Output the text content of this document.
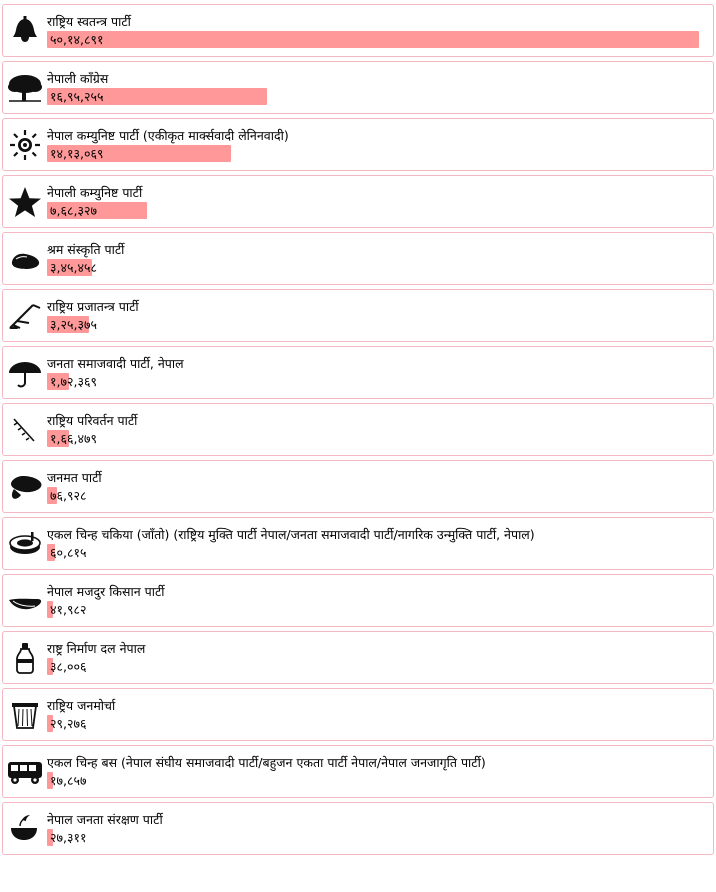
राष्ट्रिय स्वतन्त्र पार्टी
५०,१४,८९१
नेपाली काँग्रेस
१६,९५,२५५
नेपाल कम्युनिष्ट पार्टी (एकीकृत मार्क्सवादी लेनिनवादी)
१४,१३,०६९
नेपाली कम्युनिष्ट पार्टी
७,६८,३२७
श्रम संस्कृति पार्टी
३,४५,४५८
राष्ट्रिय प्रजातन्त्र पार्टी
३,२५,३७५
जनता समाजवादी पार्टी, नेपाल
१,७२,३६९
राष्ट्रिय परिवर्तन पार्टी
१,६६,४७९
जनमत पार्टी
७६,९२८
एकल चिन्ह चकिया (जाँतो) (राष्ट्रिय मुक्ति पार्टी नेपाल/जनता समाजवादी पार्टी/नागरिक उन्मुक्ति पार्टी, नेपाल)
६०,८१५
नेपाल मजदुर किसान पार्टी
४१,९८२
राष्ट्र निर्माण दल नेपाल
३८,००६
राष्ट्रिय जनमोर्चा
२९,२७६
एकल चिन्ह बस (नेपाल संघीय समाजवादी पार्टी/बहुजन एकता पार्टी नेपाल/नेपाल जनजागृति पार्टी)
१७,८५७
नेपाल जनता संरक्षण पार्टी
२७,३११
